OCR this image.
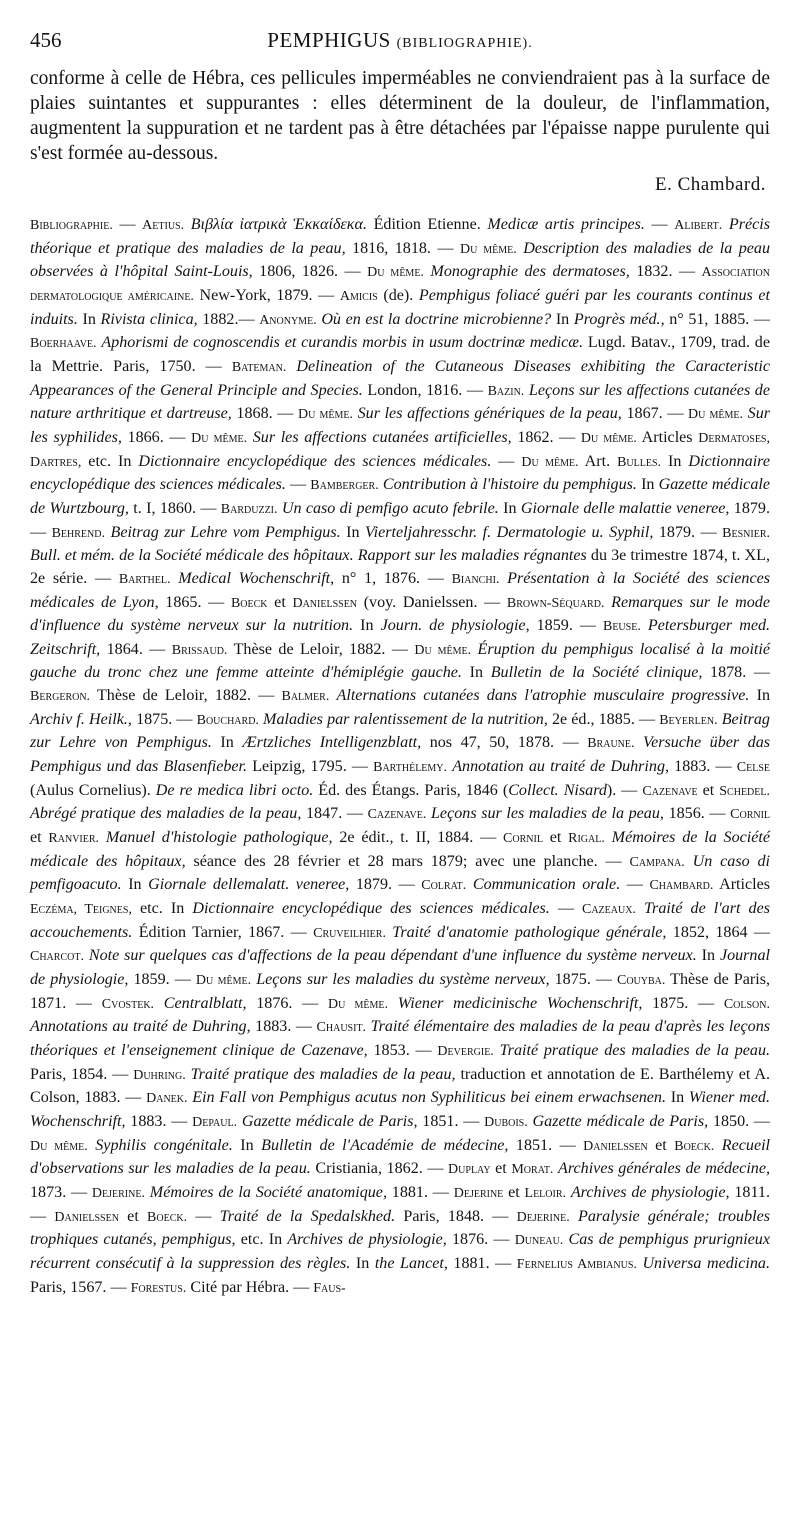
456	PEMPHIGUS (BIBLIOGRAPHIE).

conforme à celle de Hébra, ces pellicules imperméables ne conviendraient pas à la surface de plaies suintantes et suppurantes : elles déterminent de la douleur, de l'inflammation, augmentent la suppuration et ne tardent pas à être détachées par l'épaisse nappe purulente qui s'est formée au-dessous.

E. Chambard.

Bibliographie. — Aetius. Βιβλία ἰατρικὰ Ἑκκαίδεκα. Édition Etienne. Medicæ artis principes. — Alibert. Précis théorique et pratique des maladies de la peau, 1816, 1818. — Du même. Description des maladies de la peau observées à l'hôpital Saint-Louis, 1806, 1826. — Du même. Monographie des dermatoses, 1832. — Association dermatologique américaine. New-York, 1879. — Amicis (de). Pemphigus foliacé guéri par les courants continus et induits. In Rivista clinica, 1882.— Anonyme. Où en est la doctrine microbienne? In Progrès méd., n° 51, 1885. — Boerhaave. Aphorismi de cognoscendis et curandis morbis in usum doctrinæ medicæ. Lugd. Batav., 1709, trad. de la Mettrie. Paris, 1750. — Bateman. Delineation of the Cutaneous Diseases exhibiting the Caracteristic Appearances of the General Principle and Species. London, 1816. — Bazin. Leçons sur les affections cutanées de nature arthritique et dartreuse, 1868. — Du même. Sur les affections génériques de la peau, 1867. — Du même. Sur les syphilides, 1866. — Du même. Sur les affections cutanées artificielles, 1862. — Du même. Articles Dermatoses, Dartres, etc. In Dictionnaire encyclopédique des sciences médicales. — Du même. Art. Bulles. In Dictionnaire encyclopédique des sciences médicales. — Bamberger. Contribution à l'histoire du pemphigus. In Gazette médicale de Wurtzbourg, t. I, 1860. — Barduzzi. Un caso di pemfigo acuto febrile. In Giornale delle malattie veneree, 1879. — Behrend. Beitrag zur Lehre vom Pemphigus. In Vierteljahresschr. f. Dermatologie u. Syphil, 1879. — Besnier. Bull. et mém. de la Société médicale des hôpitaux. Rapport sur les maladies régnantes du 3e trimestre 1874, t. XL, 2e série. — Barthel. Medical Wochenschrift, n° 1, 1876. — Bianchi. Présentation à la Société des sciences médicales de Lyon, 1865. — Boeck et Danielssen (voy. Danielssen. — Brown-Séquard. Remarques sur le mode d'influence du système nerveux sur la nutrition. In Journ. de physiologie, 1859. — Beuse. Petersburger med. Zeitschrift, 1864. — Brissaud. Thèse de Leloir, 1882. — Du même. Éruption du pemphigus localisé à la moitié gauche du tronc chez une femme atteinte d'hémiplégie gauche. In Bulletin de la Société clinique, 1878. — Bergeron. Thèse de Leloir, 1882. — Balmer. Alternations cutanées dans l'atrophie musculaire progressive. In Archiv f. Heilk., 1875. — Bouchard. Maladies par ralentissement de la nutrition, 2e éd., 1885. — Beyerlen. Beitrag zur Lehre von Pemphigus. In Ærtzliches Intelligenzblatt, nos 47, 50, 1878. — Braune. Versuche über das Pemphigus und das Blasenfieber. Leipzig, 1795. — Barthélemy. Annotation au traité de Duhring, 1883. — Celse (Aulus Cornelius). De re medica libri octo. Éd. des Étangs. Paris, 1846 (Collect. Nisard). — Cazenave et Schedel. Abrégé pratique des maladies de la peau, 1847. — Cazenave. Leçons sur les maladies de la peau, 1856. — Cornil et Ranvier. Manuel d'histologie pathologique, 2e édit., t. II, 1884. — Cornil et Rigal. Mémoires de la Société médicale des hôpitaux, séance des 28 février et 28 mars 1879; avec une planche. — Campana. Un caso di pemfigoacuto. In Giornale dellemalatt. veneree, 1879. — Colrat. Communication orale. — Chambard. Articles Eczéma, Teignes, etc. In Dictionnaire encyclopédique des sciences médicales. — Cazeaux. Traité de l'art des accouchements. Édition Tarnier, 1867. — Cruveilhier. Traité d'anatomie pathologique générale, 1852, 1864 — Charcot. Note sur quelques cas d'affections de la peau dépendant d'une influence du système nerveux. In Journal de physiologie, 1859. — Du même. Leçons sur les maladies du système nerveux, 1875. — Couyba. Thèse de Paris, 1871. — Cvostek. Centralblatt, 1876. — Du même. Wiener medicinische Wochenschrift, 1875. — Colson. Annotations au traité de Duhring, 1883. — Chausit. Traité élémentaire des maladies de la peau d'après les leçons théoriques et l'enseignement clinique de Cazenave, 1853. — Devergie. Traité pratique des maladies de la peau. Paris, 1854. — Duhring. Traité pratique des maladies de la peau, traduction et annotation de E. Barthélemy et A. Colson, 1883. — Danek. Ein Fall von Pemphigus acutus non Syphiliticus bei einem erwachsenen. In Wiener med. Wochenschrift, 1883. — Depaul. Gazette médicale de Paris, 1851. — Dubois. Gazette médicale de Paris, 1850. — Du même. Syphilis congénitale. In Bulletin de l'Académie de médecine, 1851. — Danielssen et Boeck. Recueil d'observations sur les maladies de la peau. Cristiania, 1862. — Duplay et Morat. Archives générales de médecine, 1873. — Dejerine. Mémoires de la Société anatomique, 1881. — Dejerine et Leloir. Archives de physiologie, 1811. — Danielssen et Boeck. — Traité de la Spedalskhed. Paris, 1848. — Dejerine. Paralysie générale; troubles trophiques cutanés, pemphigus, etc. In Archives de physiologie, 1876. — Duneau. Cas de pemphigus prurignieux récurrent consécutif à la suppression des règles. In the Lancet, 1881. — Fernelius Ambianus. Universa medicina. Paris, 1567. — Forestus. Cité par Hébra. — Faus-
